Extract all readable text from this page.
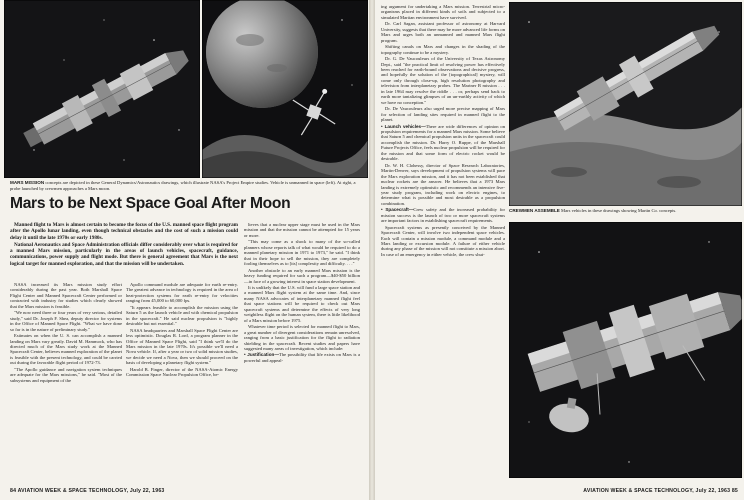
MARS MISSION concepts are depicted in these General Dynamics/Astronautics drawings, which illustrate NASA's Project Empire studies. Vehicle is unmanned in space (left). At right, a probe launched by crewmen approaches a Mars moon.
Mars to be Next Space Goal After Moon

Manned flight to Mars is almost certain to become the focus of the U.S. manned space flight program after the Apollo lunar landing, even though technical obstacles and the cost of such a mission could delay it until the late 1970s or early 1980s.

National Aeronautics and Space Administration officials differ considerably over what is required for a manned Mars mission, particularly in the areas of launch vehicles, spacecraft, guidance, communications, power supply and flight mode. But there is general agreement that Mars is the next logical target for manned exploration, and that the mission will be undertaken.

NASA increased its Mars mission study effort considerably during the past year. Both Marshall Space Flight Center and Manned Spacecraft Center performed or contracted with industry for studies which clearly showed that the Mars mission is feasible.

"We now need three or four years of very serious, detailed study," said Dr. Joseph F. Shea, deputy director for systems in the Office of Manned Space Flight. "What we have done so far is in the nature of preliminary study."

Estimates on when the U. S. can accomplish a manned landing on Mars vary greatly. David M. Hammock, who has directed much of the Mars study work at the Manned Spacecraft Center, believes manned exploration of the planet is feasible with the present technology, and could be carried out during the favorable flight period of 1972-73.

"The Apollo guidance and navigation system techniques are adequate for the Mars missions," he said. "Most of the subsystems and equipment of the

Apollo command module are adequate for earth re-entry. The greatest advance in technology is required in the area of heat-protection systems for earth re-entry for velocities ranging from 45,000 to 60,000 fps.

"It appears feasible to accomplish the mission using the Saturn 5 as the launch vehicle and with chemical propulsion in the spacecraft." He said nuclear propulsion is "highly desirable but not essential."

NASA headquarters and Marshall Space Flight Center are less optimistic. Douglas R. Lord, a program planner in the Office of Manned Space Flight, said "I think we'll do the Mars mission in the late 1970s. It's possible we'll need a Nova vehicle. If, after a year or two of solid mission studies, we decide we need a Nova, then we should proceed on the basis of developing a planetary flight system."

Harold B. Finger, director of the NASA-Atomic Energy Commission Space Nuclear Propulsion Office, be-

lieves that a nuclear upper stage must be used in the Mars mission and that the mission cannot be attempted for 15 years or more.

"This may come as a shock to many of the so-called planners whose reports talk of what would be required to do a manned planetary mission in 1971 to 1973," he said. "I think that in their hope to sell the mission, they are completely fooling themselves as to [its] complexity and difficulty. . . ."

Another obstacle to an early manned Mars mission is the heavy funding required for such a program—$40-$50 billion—in face of a growing interest in space station development.

It is unlikely that the U.S. will fund a large space station and a manned Mars flight system at the same time. And, since many NASA advocates of interplanetary manned flight feel that space stations will be required to check out Mars spacecraft systems and determine the effects of very long weightless flight on the human system, there is little likelihood of a Mars mission before 1975.

Whatever time period is selected for manned flight to Mars, a great number of divergent considerations remain unresolved, ranging from a basic justification for the flight to radiation shielding in the spacecraft. Recent studies and papers have suggested many areas of investigation, which include:

• Justification—The possibility that life exists on Mars is a powerful and appeal-

84 AVIATION WEEK & SPACE TECHNOLOGY, July 22, 1963

ing argument for undertaking a Mars mission. Terrestrial micro-organisms placed in different kinds of soils and subjected to a simulated Martian environment have survived.

Dr. Carl Sagan, assistant professor of astronomy at Harvard University, suggests that there may be more advanced life forms on Mars and urges both an unmanned and manned Mars flight program.

Shifting canals on Mars and changes in the shading of the topography continue to be a mystery.

Dr. G. De Vaucouleurs of the University of Texas Astronomy Dept., said "the practical limit of resolving power has effectively been reached for earth-bound observations and decisive progress, and hopefully the solution of the [topographical] mystery, will come only through close-up, high resolution photography and television from interplanetary probes. The Mariner B mission . . . in late 1964 may resolve the riddle . . . or, perhaps send back to earth more tantalizing glimpses of an un-earthly activity of which we have no conception."

Dr. De Vaucouleurs also urged more precise mapping of Mars for selection of landing sites required in manned flight to the planet.

• Launch vehicles—There are wide differences of opinion on propulsion requirements for a manned Mars mission. Some believe that Saturn 5 and chemical propulsion units in the spacecraft could accomplish the mission. Dr. Harry O. Ruppe, of the Marshall Future Projects Office, feels nuclear propulsion will be required for the mission and that some form of electric rocket would be desirable.

Dr. W. H. Clohessy, director of Space Research Laboratories, Martin-Denver, says development of propulsion systems will pace the Mars exploration mission, and it has not been established that nuclear rockets are the answer. He believes that a 1973 Mars landing is extremely optimistic and recommends an intensive five-year study program, including work on electric engines, to determine what is possible and most desirable as a propulsion combination.

• Spacecraft—Crew safety and the increased probability for mission success is the launch of two or more spacecraft systems are important factors in establishing spacecraft requirements.

Spacecraft systems as presently conceived by the Manned Spacecraft Center, will involve two independent space vehicles. Each will contain a mission module, a command module and a Mars landing or excursion module. A failure of either vehicle during any phase of the mission will not constitute a mission abort. In case of an emergency in either vehicle, the crew shut-

CREWMEN ASSEMBLE Mars vehicles in these drawings showing Martin Co. concepts.
AVIATION WEEK & SPACE TECHNOLOGY, July 22, 1963 85
